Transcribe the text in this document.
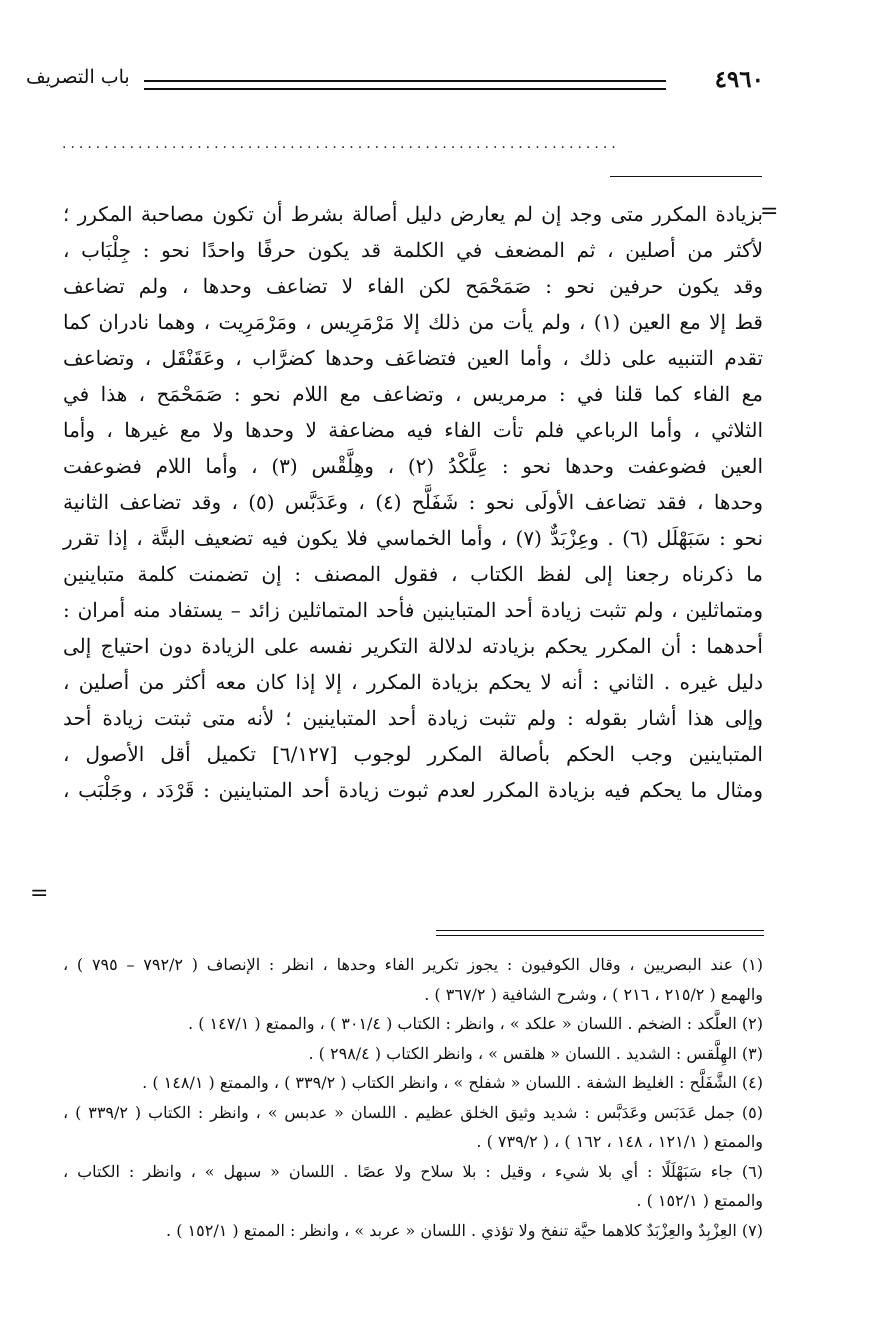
٤٩٦٠
باب التصريف
..................................................................
=
=
بزيادة المكرر متى وجد إن لم يعارض دليل أصالة بشرط أن تكون مصاحبة المكرر ؛
لأكثر من أصلين ، ثم المضعف في الكلمة قد يكون حرفًا واحدًا نحو : جِلْبَاب ،
وقد يكون حرفين نحو : صَمَحْمَح لكن الفاء لا تضاعف وحدها ، ولم تضاعف
قط إلا مع العين (١) ، ولم يأت من ذلك إلا مَرْمَرِيس ، ومَرْمَرِيت ، وهما نادران كما
تقدم التنبيه على ذلك ، وأما العين فتضاعَف وحدها كضرَّاب ، وعَقَنْقَل ، وتضاعف
مع الفاء كما قلنا في : مرمريس ، وتضاعف مع اللام نحو : صَمَحْمَح ، هذا في
الثلاثي ، وأما الرباعي فلم تأت الفاء فيه مضاعفة لا وحدها ولا مع غيرها ، وأما
العين فضوعفت وحدها نحو : عِلَّكْدُ (٢) ، وهِلَّقْس (٣) ، وأما اللام فضوعفت
وحدها ، فقد تضاعف الأولَى نحو : شَفَلَّح (٤) ، وعَدَبَّس (٥) ، وقد تضاعف الثانية
نحو : سَبَهْلَل (٦) . وعِزْبَدٌّ (٧) ، وأما الخماسي فلا يكون فيه تضعيف البتَّة ، إذا تقرر
ما ذكرناه رجعنا إلى لفظ الكتاب ، فقول المصنف : إن تضمنت كلمة متباينين
ومتماثلين ، ولم تثبت زيادة أحد المتباينين فأحد المتماثلين زائد – يستفاد منه أمران :
أحدهما : أن المكرر يحكم بزيادته لدلالة التكرير نفسه على الزيادة دون احتياج إلى
دليل غيره . الثاني : أنه لا يحكم بزيادة المكرر ، إلا إذا كان معه أكثر من أصلين ،
وإلى هذا أشار بقوله : ولم تثبت زيادة أحد المتباينين ؛ لأنه متى ثبتت زيادة أحد
المتباينين وجب الحكم بأصالة المكرر لوجوب [٦/١٢٧] تكميل أقل الأصول ،
ومثال ما يحكم فيه بزيادة المكرر لعدم ثبوت زيادة أحد المتباينين : قَرْدَد ، وجَلْبَب ،
(١) عند البصريين ، وقال الكوفيون : يجوز تكرير الفاء وحدها ، انظر : الإنصاف ( ٧٩٢/٢ – ٧٩٥ ) ،
والهمع ( ٢١٥/٢ ، ٢١٦ ) ، وشرح الشافية ( ٣٦٧/٢ ) .
(٢) العلَّكد : الضخم . اللسان « علكد » ، وانظر : الكتاب ( ٣٠١/٤ ) ، والممتع ( ١٤٧/١ ) .
(٣) الهِلَّقس : الشديد . اللسان « هلقس » ، وانظر الكتاب ( ٢٩٨/٤ ) .
(٤) الشَّفَلَّح : الغليظ الشفة . اللسان « شفلح » ، وانظر الكتاب ( ٣٣٩/٢ ) ، والممتع ( ١٤٨/١ ) .
(٥) جمل عَدَبَس وعَدَبَّس : شديد وثيق الخلق عظيم . اللسان « عدبس » ، وانظر : الكتاب ( ٣٣٩/٢ ) ،
والممتع ( ١٢١/١ ، ١٤٨ ، ١٦٢ ) ، ( ٧٣٩/٢ ) .
(٦) جاء سَبَهْلَلًا : أي بلا شيء ، وقيل : بلا سلاح ولا عصًا . اللسان « سبهل » ، وانظر : الكتاب ،
والممتع ( ١٥٢/١ ) .
(٧) العِزْبِدٌ والعِزْبَدٌ كلاهما حيَّة تنفخ ولا تؤذي . اللسان « عربد » ، وانظر : الممتع ( ١٥٢/١ ) .
